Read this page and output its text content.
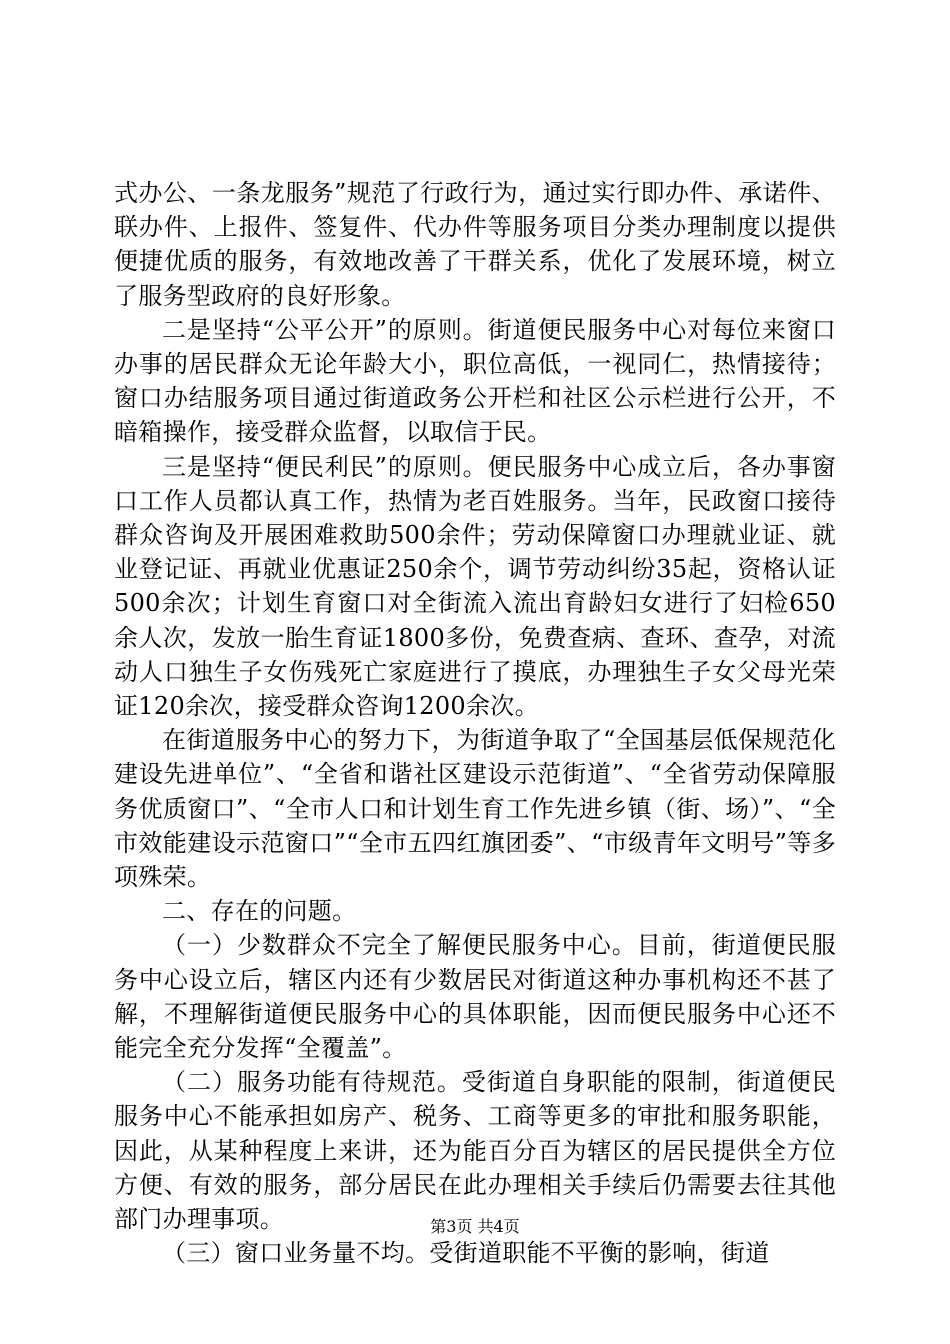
式办公、一条龙服务”规范了行政行为，通过实行即办件、承诺件、联办件、上报件、签复件、代办件等服务项目分类办理制度以提供便捷优质的服务，有效地改善了干群关系，优化了发展环境，树立了服务型政府的良好形象。

二是坚持“公平公开”的原则。街道便民服务中心对每位来窗口办事的居民群众无论年龄大小，职位高低，一视同仁，热情接待；窗口办结服务项目通过街道政务公开栏和社区公示栏进行公开，不暗箱操作，接受群众监督，以取信于民。

三是坚持“便民利民”的原则。便民服务中心成立后，各办事窗口工作人员都认真工作，热情为老百姓服务。当年，民政窗口接待群众咨询及开展困难救助500余件；劳动保障窗口办理就业证、就业登记证、再就业优惠证250余个，调节劳动纠纷35起，资格认证500余次；计划生育窗口对全街流入流出育龄妇女进行了妇检650余人次，发放一胎生育证1800多份，免费查病、查环、查孕，对流动人口独生子女伤残死亡家庭进行了摸底，办理独生子女父母光荣证120余次，接受群众咨询1200余次。

在街道服务中心的努力下，为街道争取了“全国基层低保规范化建设先进单位”、“全省和谐社区建设示范街道”、“全省劳动保障服务优质窗口”、“全市人口和计划生育工作先进乡镇（街、场）”、“全市效能建设示范窗口”“全市五四红旗团委”、“市级青年文明号”等多项殊荣。

二、存在的问题。

（一）少数群众不完全了解便民服务中心。目前，街道便民服务中心设立后，辖区内还有少数居民对街道这种办事机构还不甚了解，不理解街道便民服务中心的具体职能，因而便民服务中心还不能完全充分发挥“全覆盖”。

（二）服务功能有待规范。受街道自身职能的限制，街道便民服务中心不能承担如房产、税务、工商等更多的审批和服务职能，因此，从某种程度上来讲，还为能百分百为辖区的居民提供全方位方便、有效的服务，部分居民在此办理相关手续后仍需要去往其他部门办理事项。

（三）窗口业务量不均。受街道职能不平衡的影响，街道

第3页 共4页
